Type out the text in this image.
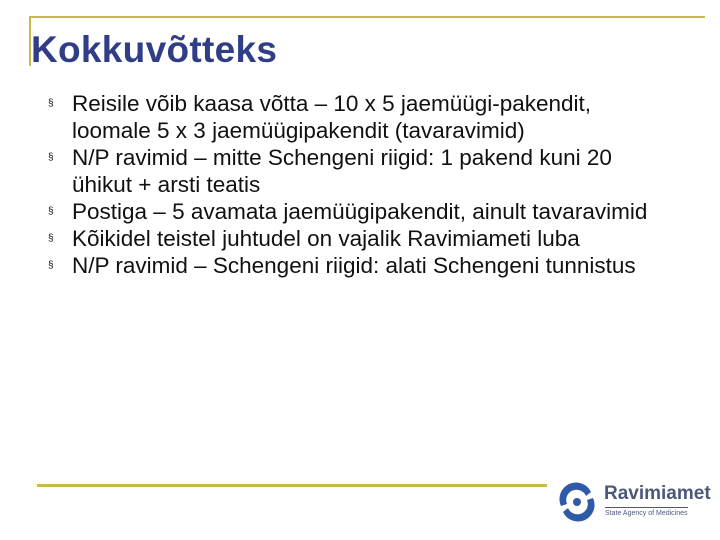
Kokkuvõtteks
§ Reisile võib kaasa võtta – 10 x 5 jaemüügi-pakendit, loomale 5 x 3 jaemüügipakendit (tavaravimid)
§ N/P ravimid – mitte Schengeni riigid: 1 pakend kuni 20 ühikut + arsti teatis
§ Postiga – 5 avamata jaemüügipakendit, ainult tavaravimid
§ Kõikidel teistel juhtudel on vajalik Ravimiameti luba
§ N/P ravimid – Schengeni riigid: alati Schengeni tunnistus
Ravimiamet
State Agency of Medicines
